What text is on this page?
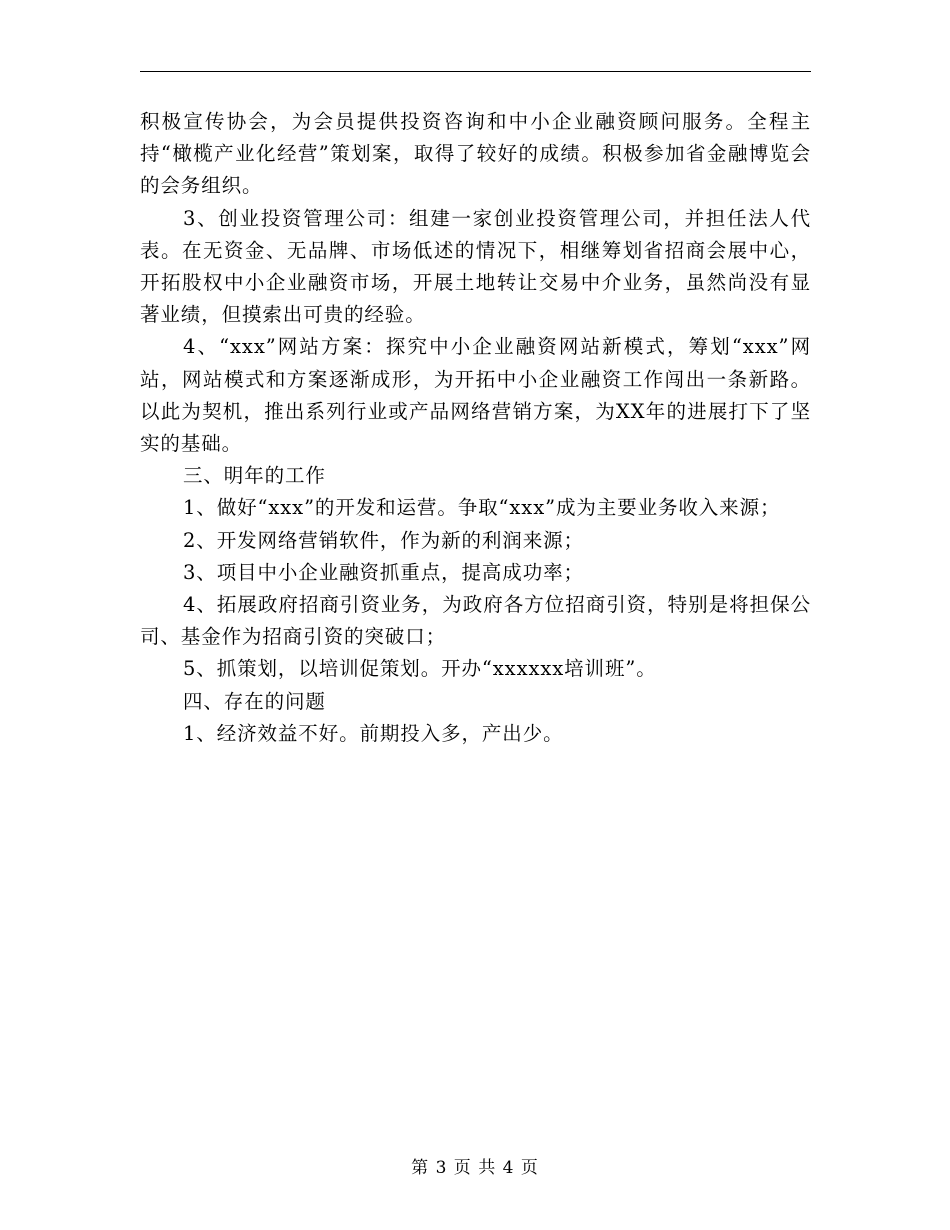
积极宣传协会，为会员提供投资咨询和中小企业融资顾问服务。全程主持“橄榄产业化经营”策划案，取得了较好的成绩。积极参加省金融博览会的会务组织。

3、创业投资管理公司：组建一家创业投资管理公司，并担任法人代表。在无资金、无品牌、市场低述的情况下，相继筹划省招商会展中心，开拓股权中小企业融资市场，开展土地转让交易中介业务，虽然尚没有显著业绩，但摸索出可贵的经验。

4、“xxx”网站方案：探究中小企业融资网站新模式，筹划“xxx”网站，网站模式和方案逐渐成形，为开拓中小企业融资工作闯出一条新路。以此为契机，推出系列行业或产品网络营销方案，为XX年的进展打下了坚实的基础。

三、明年的工作

1、做好“xxx”的开发和运营。争取“xxx”成为主要业务收入来源；

2、开发网络营销软件，作为新的利润来源；

3、项目中小企业融资抓重点，提高成功率；

4、拓展政府招商引资业务，为政府各方位招商引资，特别是将担保公司、基金作为招商引资的突破口；

5、抓策划，以培训促策划。开办“xxxxxx培训班”。

四、存在的问题

1、经济效益不好。前期投入多，产出少。

第 3 页 共 4 页
